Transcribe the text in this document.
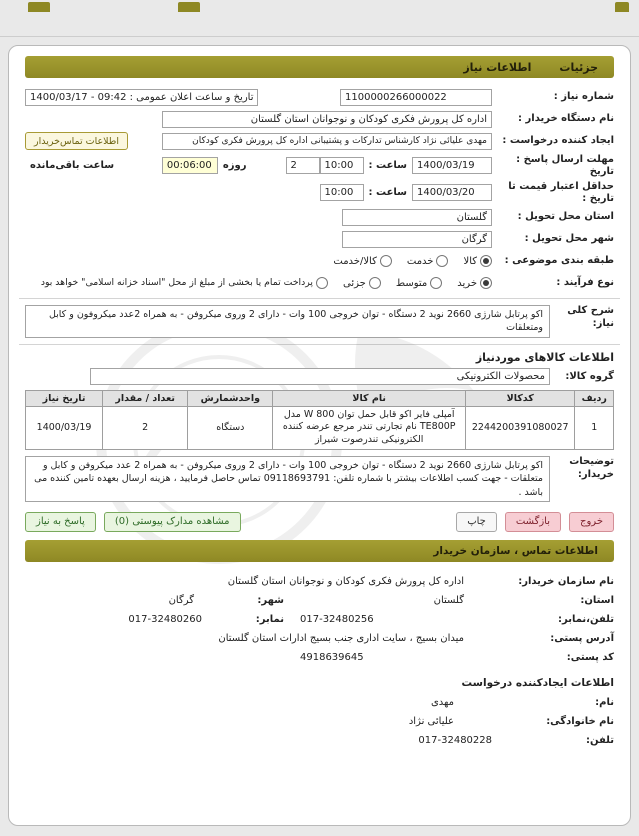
جزئیات
اطلاعات نیاز
شماره نیاز :
1100000266000022
تاریخ و ساعت اعلان عمومی : 09:42 - 1400/03/17
نام دستگاه خریدار :
اداره کل پرورش فکری کودکان و نوجوانان استان گلستان
ایجاد کننده درخواست :
مهدی علیائی نژاد کارشناس تدارکات و پشتیبانی اداره کل پرورش فکری کودکان
اطلاعات تماس‌خریدار
مهلت ارسال پاسخ : تاریخ
1400/03/19
ساعت :
10:00
2
روزه
00:06:00
ساعت باقی‌مانده
حداقل اعتبار قیمت تا تاریخ :
1400/03/20
ساعت :
10:00
استان محل تحویل :
گلستان
شهر محل تحویل :
گرگان
طبقه بندی موضوعی :
کالا
خدمت
کالا/خدمت
نوع فرآیند :
خرید
متوسط
جزئی
پرداخت تمام یا بخشی از مبلغ از محل "اسناد خزانه اسلامی" خواهد بود
شرح کلی نیاز:
اکو پرتابل شارژی 2660 نوید 2 دستگاه - توان خروجی 100 وات - دارای 2 وروی میکروفن - به همراه 2عدد میکروفون و کابل ومتعلقات
اطلاعات کالاهای موردنیاز
گروه کالا:
محصولات الکترونیکی
ردیف	کدکالا	نام کالا	واحدشمارش	تعداد / مقدار	تاریخ نیاز
1	2244200391080027	آمپلی فایر اکو قابل حمل توان 800 W مدل TE800P نام تجارتی تندر مرجع عرضه کننده الکترونیکی تندرصوت شیراز	دستگاه	2	1400/03/19
توضیحات خریدار:
اکو پرتابل شارژی 2660 نوید 2 دستگاه - توان خروجی 100 وات - دارای 2 وروی میکروفن - به همراه 2 عدد میکروفن و کابل و متعلقات - جهت کسب اطلاعات بیشتر با شماره تلفن: 09118693791 تماس حاصل فرمایید ، هزینه ارسال بعهده تامین کننده می باشد .
خروج
بازگشت
چاپ
مشاهده مدارک پیوستی (0)
پاسخ به نیاز
اطلاعات تماس ، سازمان خریدار
نام سازمان خریدار:
اداره کل پرورش فکری کودکان و نوجوانان استان گلستان
استان:
گلستان
شهر:
گرگان
تلفن،نمابر:
017-32480256
نمابر:
017-32480260
آدرس پستی:
میدان بسیج ، سایت اداری جنب بسیج ادارات استان گلستان
کد پستی:
4918639645
اطلاعات ایجادکننده درخواست
نام:
مهدی
نام خانوادگی:
علیائی نژاد
تلفن:
017-32480228
